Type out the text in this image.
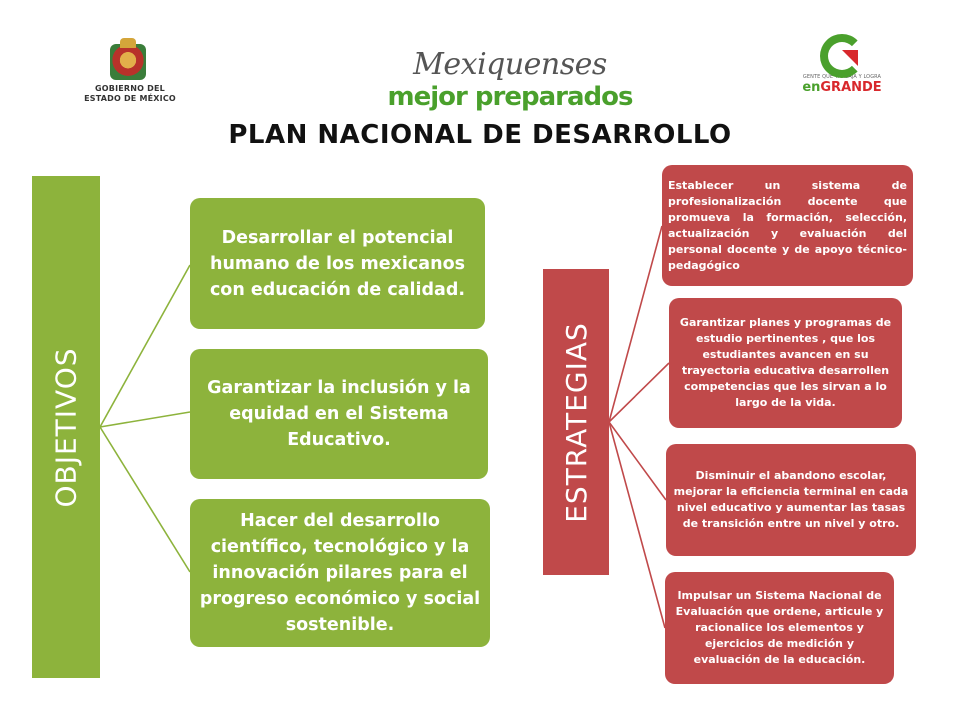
GOBIERNO DEL
ESTADO DE MÉXICO
Mexiquenses
mejor preparados
GENTE QUE TRABAJA Y LOGRA
enGRANDE
PLAN NACIONAL DE DESARROLLO
OBJETIVOS
Desarrollar el potencial humano de los mexicanos con educación de calidad.
Garantizar la inclusión y la equidad en el Sistema Educativo.
Hacer del desarrollo científico, tecnológico y la innovación pilares para el progreso económico y social sostenible.
ESTRATEGIAS
Establecer un sistema de profesionalización docente que promueva la formación, selección, actualización y evaluación del personal docente y de apoyo técnico-pedagógico
Garantizar planes y programas de estudio pertinentes , que los estudiantes avancen en su trayectoria educativa desarrollen competencias que les sirvan a lo largo de la vida.
Disminuir el abandono escolar, mejorar la eficiencia terminal en cada nivel educativo y aumentar las tasas de transición entre un nivel y otro.
Impulsar un Sistema Nacional de Evaluación que ordene, articule y racionalice los elementos y ejercicios de medición y evaluación de la educación.
